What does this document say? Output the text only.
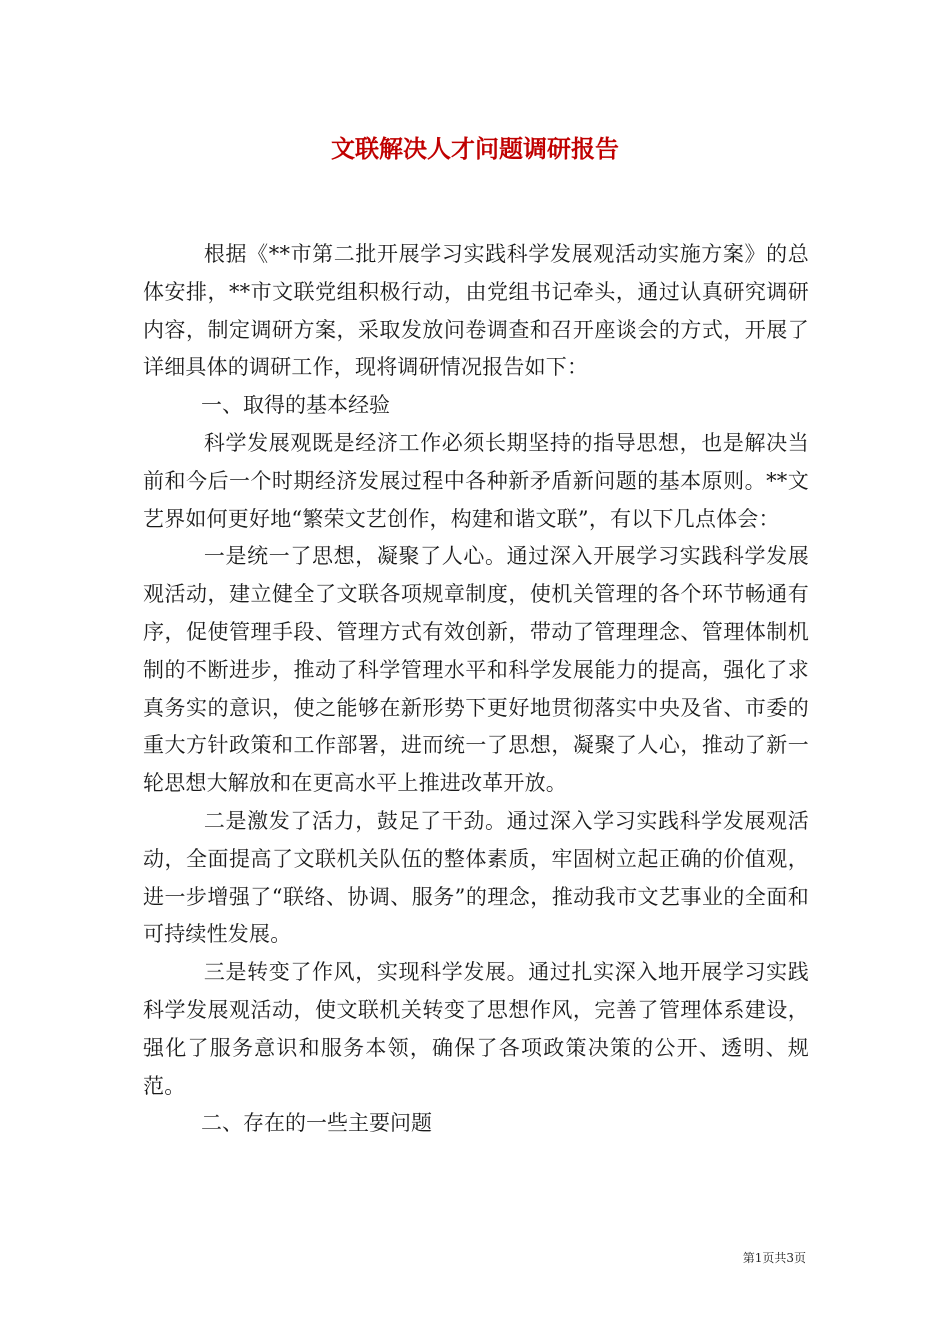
文联解决人才问题调研报告

根据《**市第二批开展学习实践科学发展观活动实施方案》的总体安排，**市文联党组积极行动，由党组书记牵头，通过认真研究调研内容，制定调研方案，采取发放问卷调查和召开座谈会的方式，开展了详细具体的调研工作，现将调研情况报告如下：

一、取得的基本经验

科学发展观既是经济工作必须长期坚持的指导思想，也是解决当前和今后一个时期经济发展过程中各种新矛盾新问题的基本原则。**文艺界如何更好地“繁荣文艺创作，构建和谐文联”，有以下几点体会：

一是统一了思想，凝聚了人心。通过深入开展学习实践科学发展观活动，建立健全了文联各项规章制度，使机关管理的各个环节畅通有序，促使管理手段、管理方式有效创新，带动了管理理念、管理体制机制的不断进步，推动了科学管理水平和科学发展能力的提高，强化了求真务实的意识，使之能够在新形势下更好地贯彻落实中央及省、市委的重大方针政策和工作部署，进而统一了思想，凝聚了人心，推动了新一轮思想大解放和在更高水平上推进改革开放。

二是激发了活力，鼓足了干劲。通过深入学习实践科学发展观活动，全面提高了文联机关队伍的整体素质，牢固树立起正确的价值观，进一步增强了“联络、协调、服务”的理念，推动我市文艺事业的全面和可持续性发展。

三是转变了作风，实现科学发展。通过扎实深入地开展学习实践科学发展观活动，使文联机关转变了思想作风，完善了管理体系建设，强化了服务意识和服务本领，确保了各项政策决策的公开、透明、规范。

二、存在的一些主要问题

第1页共3页
